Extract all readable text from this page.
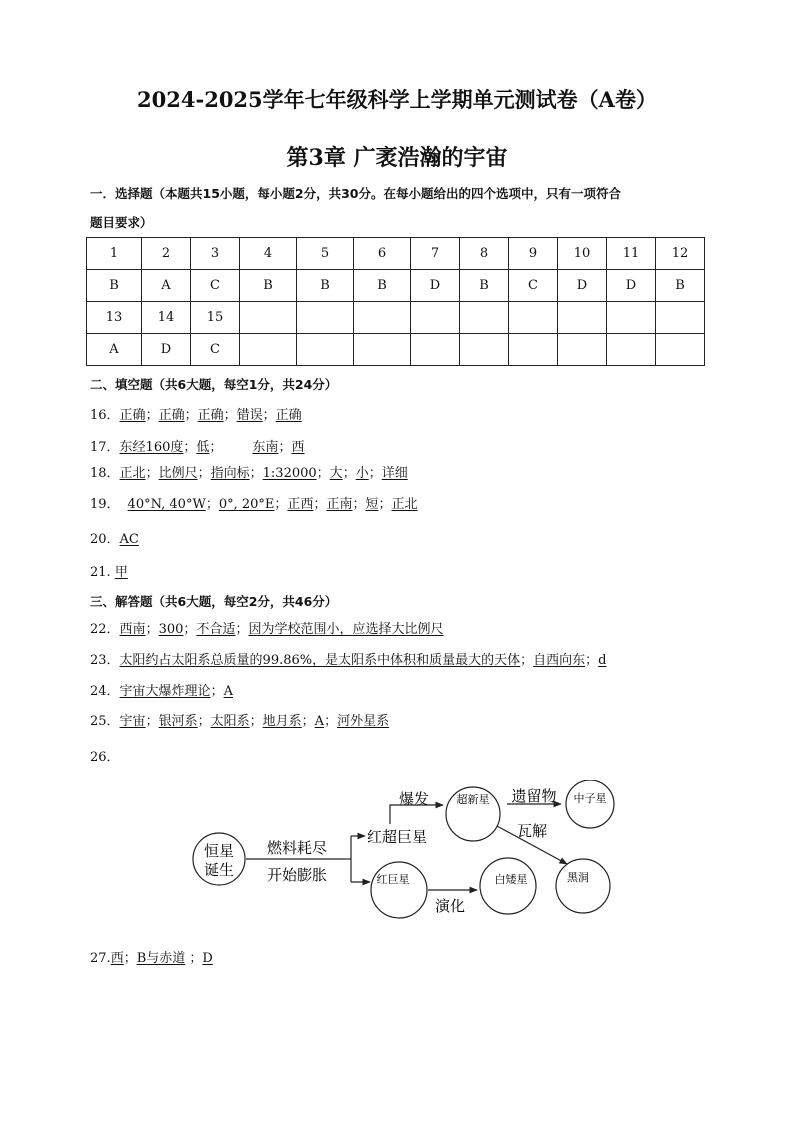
2024-2025学年七年级科学上学期单元测试卷（A卷）
第3章 广袤浩瀚的宇宙
一．选择题（本题共15小题，每小题2分，共30分。在每小题给出的四个选项中，只有一项符合
题目要求）
1	2	3	4	5	6	7	8	9	10	11	12
B	A	C	B	B	B	D	B	C	D	D	B
13	14	15									
A	D	C									
二、填空题（共6大题，每空1分，共24分）
16．正确；正确；正确；错误；正确
17．东经160度；低； 东南；西
18．正北；比例尺；指向标；1:32000；大；小；详细
19． 40°N, 40°W；0°, 20°E；正西；正南；短；正北
20．AC
21. 甲
三、解答题（共6大题，每空2分，共46分）
22．西南；300；不合适；因为学校范围小，应选择大比例尺
23．太阳约占太阳系总质量的99.86%，是太阳系中体积和质量最大的天体；自西向东；d
24．宇宙大爆炸理论；A
25．宇宙；银河系；太阳系；地月系；A；河外星系
26．
恒星
诞生
燃料耗尽
开始膨胀
红超巨星
爆发 超新星 遗留物 中子星
瓦解
黑洞
红巨星
演化
白矮星
27.西；B与赤道 ；D
